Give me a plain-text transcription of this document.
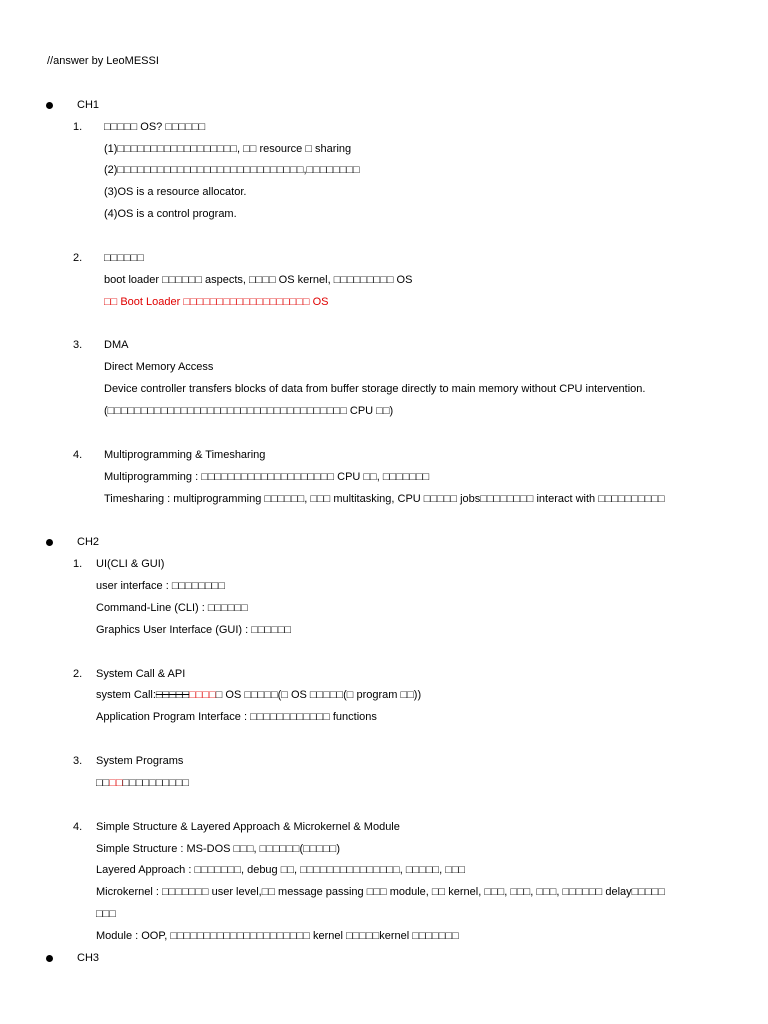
//answer by LeoMESSI
CH1
1. □□□□□ OS? □□□□□□
(1)□□□□□□□□□□□□□□□□□□, □□ resource □ sharing
(2)□□□□□□□□□□□□□□□□□□□□□□□□□□□□,□□□□□□□□
(3)OS is a resource allocator.
(4)OS is a control program.
2. □□□□□□
boot loader □□□□□□ aspects, □□□□ OS kernel, □□□□□□□□□ OS
□□ Boot Loader □□□□□□□□□□□□□□□□□□□ OS
3. DMA
Direct Memory Access
Device controller transfers blocks of data from buffer storage directly to main memory without CPU intervention.
(□□□□□□□□□□□□□□□□□□□□□□□□□□□□□□□□□□□□ CPU □□)
4. Multiprogramming & Timesharing
Multiprogramming : □□□□□□□□□□□□□□□□□□□□ CPU □□, □□□□□□□
Timesharing : multiprogramming □□□□□□, □□□ multitasking, CPU □□□□□ jobs□□□□□□□□ interact with □□□□□□□□□□
CH2
1. UI(CLI & GUI)
user interface : □□□□□□□□
Command-Line (CLI) : □□□□□□
Graphics User Interface (GUI) : □□□□□□
2. System Call & API
system Call:□□□□□□□□□□ OS □□□□□(□ OS □□□□□(□ program □□))
Application Program Interface : □□□□□□□□□□□□ functions
3. System Programs
□□□□□□□□□□□□□□
4. Simple Structure & Layered Approach & Microkernel & Module
Simple Structure : MS-DOS □□□, □□□□□□(□□□□□)
Layered Approach : □□□□□□□, debug □□, □□□□□□□□□□□□□□□, □□□□□, □□□
Microkernel : □□□□□□□ user level,□□ message passing □□□ module, □□ kernel, □□□, □□□, □□□, □□□□□□ delay□□□□□
□□□
Module : OOP, □□□□□□□□□□□□□□□□□□□□□ kernel □□□□□kernel □□□□□□□
CH3
